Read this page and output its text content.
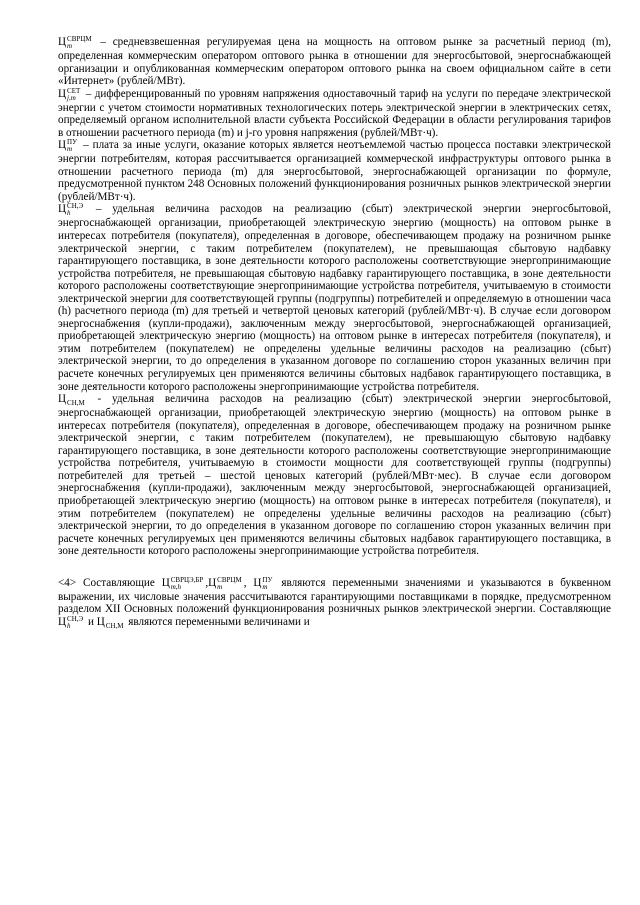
Ц СВРЦМ
m	– средневзвешенная регулируемая цена на мощность на оптовом рынке за расчетный период (m), определенная коммерческим оператором оптового рынка в отношении для энергосбытовой, энергоснабжающей организации и опубликованная коммерческим оператором оптового рынка на своем официальном сайте в сети «Интернет» (рублей/МВт).

Ц СЕТ
j,m – дифференцированный по уровням напряжения одноставочный тариф на услуги по передаче электрической энергии с учетом стоимости нормативных технологических потерь электрической энергии в электрических сетях, определяемый органом исполнительной власти субъекта Российской Федерации в области регулирования тарифов в отношении расчетного периода (m) и j-го уровня напряжения (рублей/МВт·ч).

Ц ПУ
m – плата за иные услуги, оказание которых является неотъемлемой частью процесса поставки электрической энергии потребителям, которая рассчитывается организацией коммерческой инфраструктуры оптового рынка в отношении расчетного периода (m) для энергосбытовой, энергоснабжающей организации по формуле, предусмотренной пунктом 248 Основных положений функционирования розничных рынков электрической энергии (рублей/МВт·ч).

Ц СН,Э
h	– удельная величина расходов на реализацию (сбыт) электрической энергии энергосбытовой, энергоснабжающей организации, приобретающей электрическую энергию (мощность) на оптовом рынке в интересах потребителя (покупателя), определенная в договоре, обеспечивающем продажу на розничном рынке электрической энергии, с таким потребителем (покупателем), не превышающая сбытовую надбавку гарантирующего поставщика, в зоне деятельности которого расположены соответствующие энергопринимающие устройства потребителя, не превышающая сбытовую надбавку гарантирующего поставщика, в зоне деятельности которого расположены соответствующие энергопринимающие устройства потребителя, учитываемую в стоимости электрической энергии для соответствующей группы (подгруппы) потребителей и определяемую в отношении часа (h) расчетного периода (m) для третьей и четвертой ценовых категорий (рублей/МВт·ч). В случае если договором энергоснабжения (купли-продажи), заключенным между энергосбытовой, энергоснабжающей организацией, приобретающей электрическую энергию (мощность) на оптовом рынке в интересах потребителя (покупателя), и этим потребителем (покупателем) не определены удельные величины расходов на реализацию (сбыт) электрической энергии, то до определения в указанном договоре по соглашению сторон указанных величин при расчете конечных регулируемых цен применяются величины сбытовых надбавок гарантирующего поставщика, в зоне деятельности которого расположены энергопринимающие устройства потребителя.

Ц СН,М - удельная величина расходов на реализацию (сбыт) электрической энергии энергосбытовой, энергоснабжающей организации, приобретающей электрическую энергию (мощность) на оптовом рынке в интересах потребителя (покупателя), определенная в договоре, обеспечивающем продажу на розничном рынке электрической энергии, с таким потребителем (покупателем), не превышающую сбытовую надбавку гарантирующего поставщика, в зоне деятельности которого расположены соответствующие энергопринимающие устройства потребителя, учитываемую в стоимости мощности для соответствующей группы (подгруппы) потребителей для третьей – шестой ценовых категорий (рублей/МВт·мес). В случае если договором энергоснабжения (купли-продажи), заключенным между энергосбытовой, энергоснабжающей организацией, приобретающей электрическую энергию (мощность) на оптовом рынке в интересах потребителя (покупателя), и этим потребителем (покупателем) не определены удельные величины расходов на реализацию (сбыт) электрической энергии, то до определения в указанном договоре по соглашению сторон указанных величин при расчете конечных регулируемых цен применяются величины сбытовых надбавок гарантирующего поставщика, в зоне деятельности которого расположены энергопринимающие устройства потребителя.

<4> Составляющие Ц СВРЦЭ,БР
m,h	,Ц СВРЦМ
m	, Ц ПУ
m являются переменными значениями и указываются в буквенном выражении, их числовые значения рассчитываются гарантирующими поставщиками в порядке, предусмотренном разделом XII Основных положений функционирования розничных рынков электрической энергии. Составляющие Ц СН,Э
h	и Ц СН,М являются переменными величинами и
